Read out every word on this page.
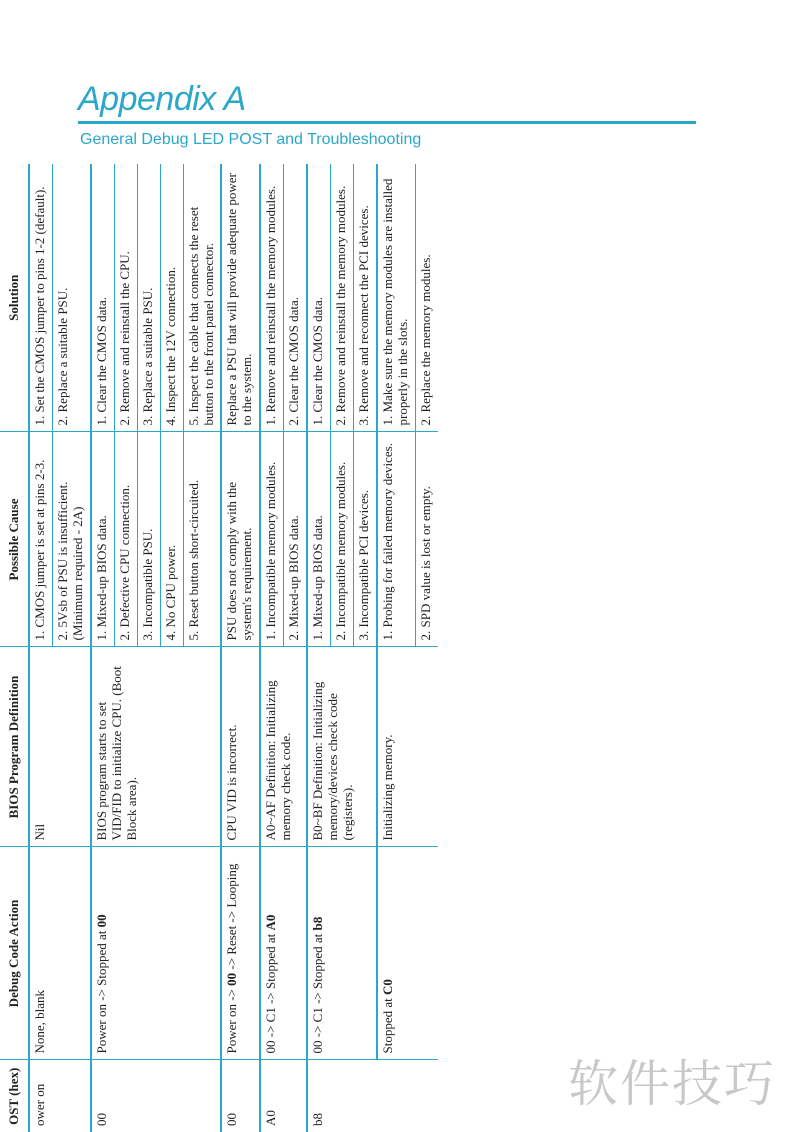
Appendix A
General Debug LED POST and Troubleshooting
OST (hex)	Debug Code Action	BIOS Program Definition	Possible Cause	Solution
ower on	None, blank	Nil	1. CMOS jumper is set at pins 2-3.	1. Set the CMOS jumper to pins 1-2 (default).
			2. 5Vsb of PSU is insufficient. (Minimum required - 2A)	2. Replace a suitable PSU.
00	Power on -> Stopped at 00	BIOS program starts to set VID/FID to initialize CPU. (Boot Block area).	1. Mixed-up BIOS data.	1. Clear the CMOS data.
			2. Defective CPU connection.	2. Remove and reinstall the CPU.
			3. Incompatible PSU.	3. Replace a suitable PSU.
			4. No CPU power.	4. Inspect the 12V connection.
			5. Reset button short-circuited.	5. Inspect the cable that connects the reset button to the front panel connector.
00	Power on -> 00 -> Reset -> Looping	CPU VID is incorrect.	PSU does not comply with the system's requirement.	Replace a PSU that will provide adequate power to the system.
A0	00 -> C1 -> Stopped at A0	A0~AF Definition: Initializing memory check code.	1. Incompatible memory modules.	1. Remove and reinstall the memory modules.
			2. Mixed-up BIOS data.	2. Clear the CMOS data.
b8	00 -> C1 -> Stopped at b8	B0~BF Definition: Initializing memory/devices check code (registers).	1. Mixed-up BIOS data.	1. Clear the CMOS data.
			2. Incompatible memory modules.	2. Remove and reinstall the memory modules.
			3. Incompatible PCI devices.	3. Remove and reconnect the PCI devices.
	Stopped at C0	Initializing memory.	1. Probing for failed memory devices.	1. Make sure the memory modules are installed properly in the slots.
			2. SPD value is lost or empty.	2. Replace the memory modules.
软件技巧
